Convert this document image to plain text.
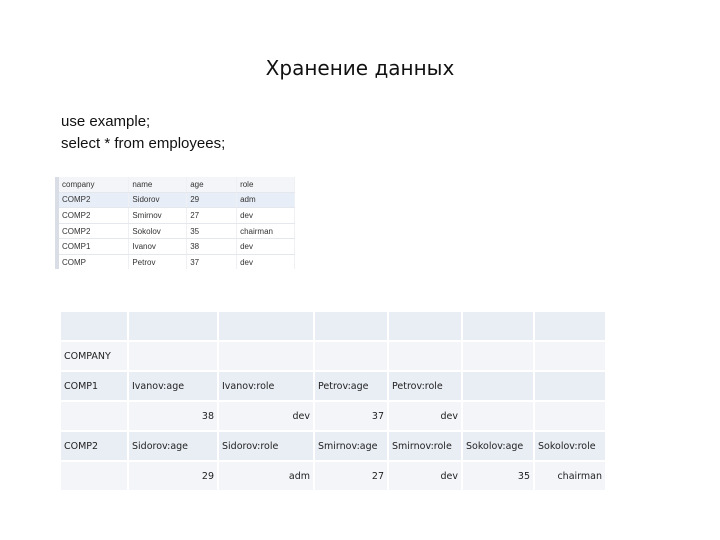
Хранение данных
use example;
select * from employees;
company	name	age	role
COMP2	Sidorov	29	adm
COMP2	Smirnov	27	dev
COMP2	Sokolov	35	chairman
COMP1	Ivanov	38	dev
COMP	Petrov	37	dev

COMPANY						
COMP1	Ivanov:age	Ivanov:role	Petrov:age	Petrov:role		
	38	dev	37	dev		
COMP2	Sidorov:age	Sidorov:role	Smirnov:age	Smirnov:role	Sokolov:age	Sokolov:role
	29	adm	27	dev	35	chairman
